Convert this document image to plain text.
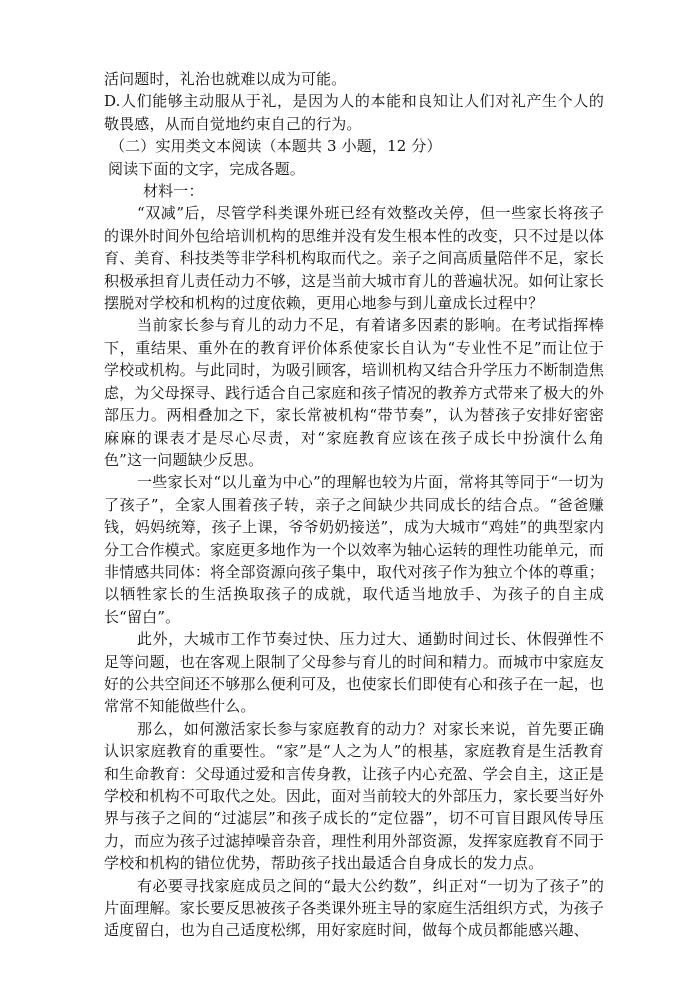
活问题时，礼治也就难以成为可能。

D.人们能够主动服从于礼，是因为人的本能和良知让人们对礼产生个人的敬畏感，从而自觉地约束自己的行为。

（二）实用类文本阅读（本题共 3 小题，12 分）

阅读下面的文字，完成各题。

材料一：

“双减”后，尽管学科类课外班已经有效整改关停，但一些家长将孩子的课外时间外包给培训机构的思维并没有发生根本性的改变，只不过是以体育、美育、科技类等非学科机构取而代之。亲子之间高质量陪伴不足，家长积极承担育儿责任动力不够，这是当前大城市育儿的普遍状况。如何让家长摆脱对学校和机构的过度依赖，更用心地参与到儿童成长过程中？

当前家长参与育儿的动力不足，有着诸多因素的影响。在考试指挥棒下，重结果、重外在的教育评价体系使家长自认为“专业性不足”而让位于学校或机构。与此同时，为吸引顾客，培训机构又结合升学压力不断制造焦虑，为父母探寻、践行适合自己家庭和孩子情况的教养方式带来了极大的外部压力。两相叠加之下，家长常被机构“带节奏”，认为替孩子安排好密密麻麻的课表才是尽心尽责，对“家庭教育应该在孩子成长中扮演什么角色”这一问题缺少反思。

一些家长对“以儿童为中心”的理解也较为片面，常将其等同于“一切为了孩子”，全家人围着孩子转，亲子之间缺少共同成长的结合点。“爸爸赚钱，妈妈统筹，孩子上课，爷爷奶奶接送”，成为大城市“鸡娃”的典型家内分工合作模式。家庭更多地作为一个以效率为轴心运转的理性功能单元，而非情感共同体：将全部资源向孩子集中，取代对孩子作为独立个体的尊重；以牺牲家长的生活换取孩子的成就，取代适当地放手、为孩子的自主成长“留白”。

此外，大城市工作节奏过快、压力过大、通勤时间过长、休假弹性不足等问题，也在客观上限制了父母参与育儿的时间和精力。而城市中家庭友好的公共空间还不够那么便利可及，也使家长们即使有心和孩子在一起，也常常不知能做些什么。

那么，如何激活家长参与家庭教育的动力？对家长来说，首先要正确认识家庭教育的重要性。“家”是“人之为人”的根基，家庭教育是生活教育和生命教育：父母通过爱和言传身教，让孩子内心充盈、学会自主，这正是学校和机构不可取代之处。因此，面对当前较大的外部压力，家长要当好外界与孩子之间的“过滤层”和孩子成长的“定位器”，切不可盲目跟风传导压力，而应为孩子过滤掉噪音杂音，理性利用外部资源，发挥家庭教育不同于学校和机构的错位优势，帮助孩子找出最适合自身成长的发力点。

有必要寻找家庭成员之间的“最大公约数”，纠正对“一切为了孩子”的片面理解。家长要反思被孩子各类课外班主导的家庭生活组织方式，为孩子适度留白，也为自己适度松绑，用好家庭时间，做每个成员都能感兴趣、
